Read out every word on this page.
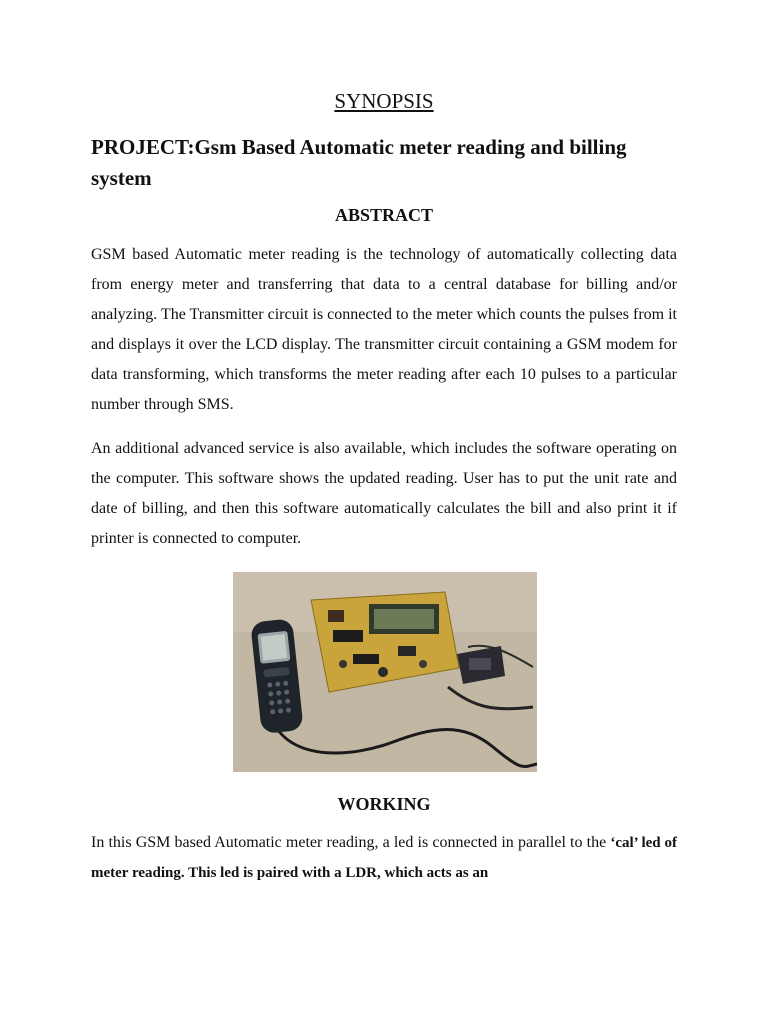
SYNOPSIS
PROJECT:Gsm Based Automatic meter reading and billing system
ABSTRACT

GSM based Automatic meter reading is the technology of automatically collecting data from energy meter and transferring that data to a central database for billing and/or analyzing. The Transmitter circuit is connected to the meter which counts the pulses from it and displays it over the LCD display. The transmitter circuit containing a GSM modem for data transforming, which transforms the meter reading after each 10 pulses to a particular number through SMS.

An additional advanced service is also available, which includes the software operating on the computer. This software shows the updated reading. User has to put the unit rate and date of billing, and then this software automatically calculates the bill and also print it if printer is connected to computer.

WORKING

In this GSM based Automatic meter reading, a led is connected in parallel to the ‘cal’ led of meter reading. This led is paired with a LDR, which acts as an
